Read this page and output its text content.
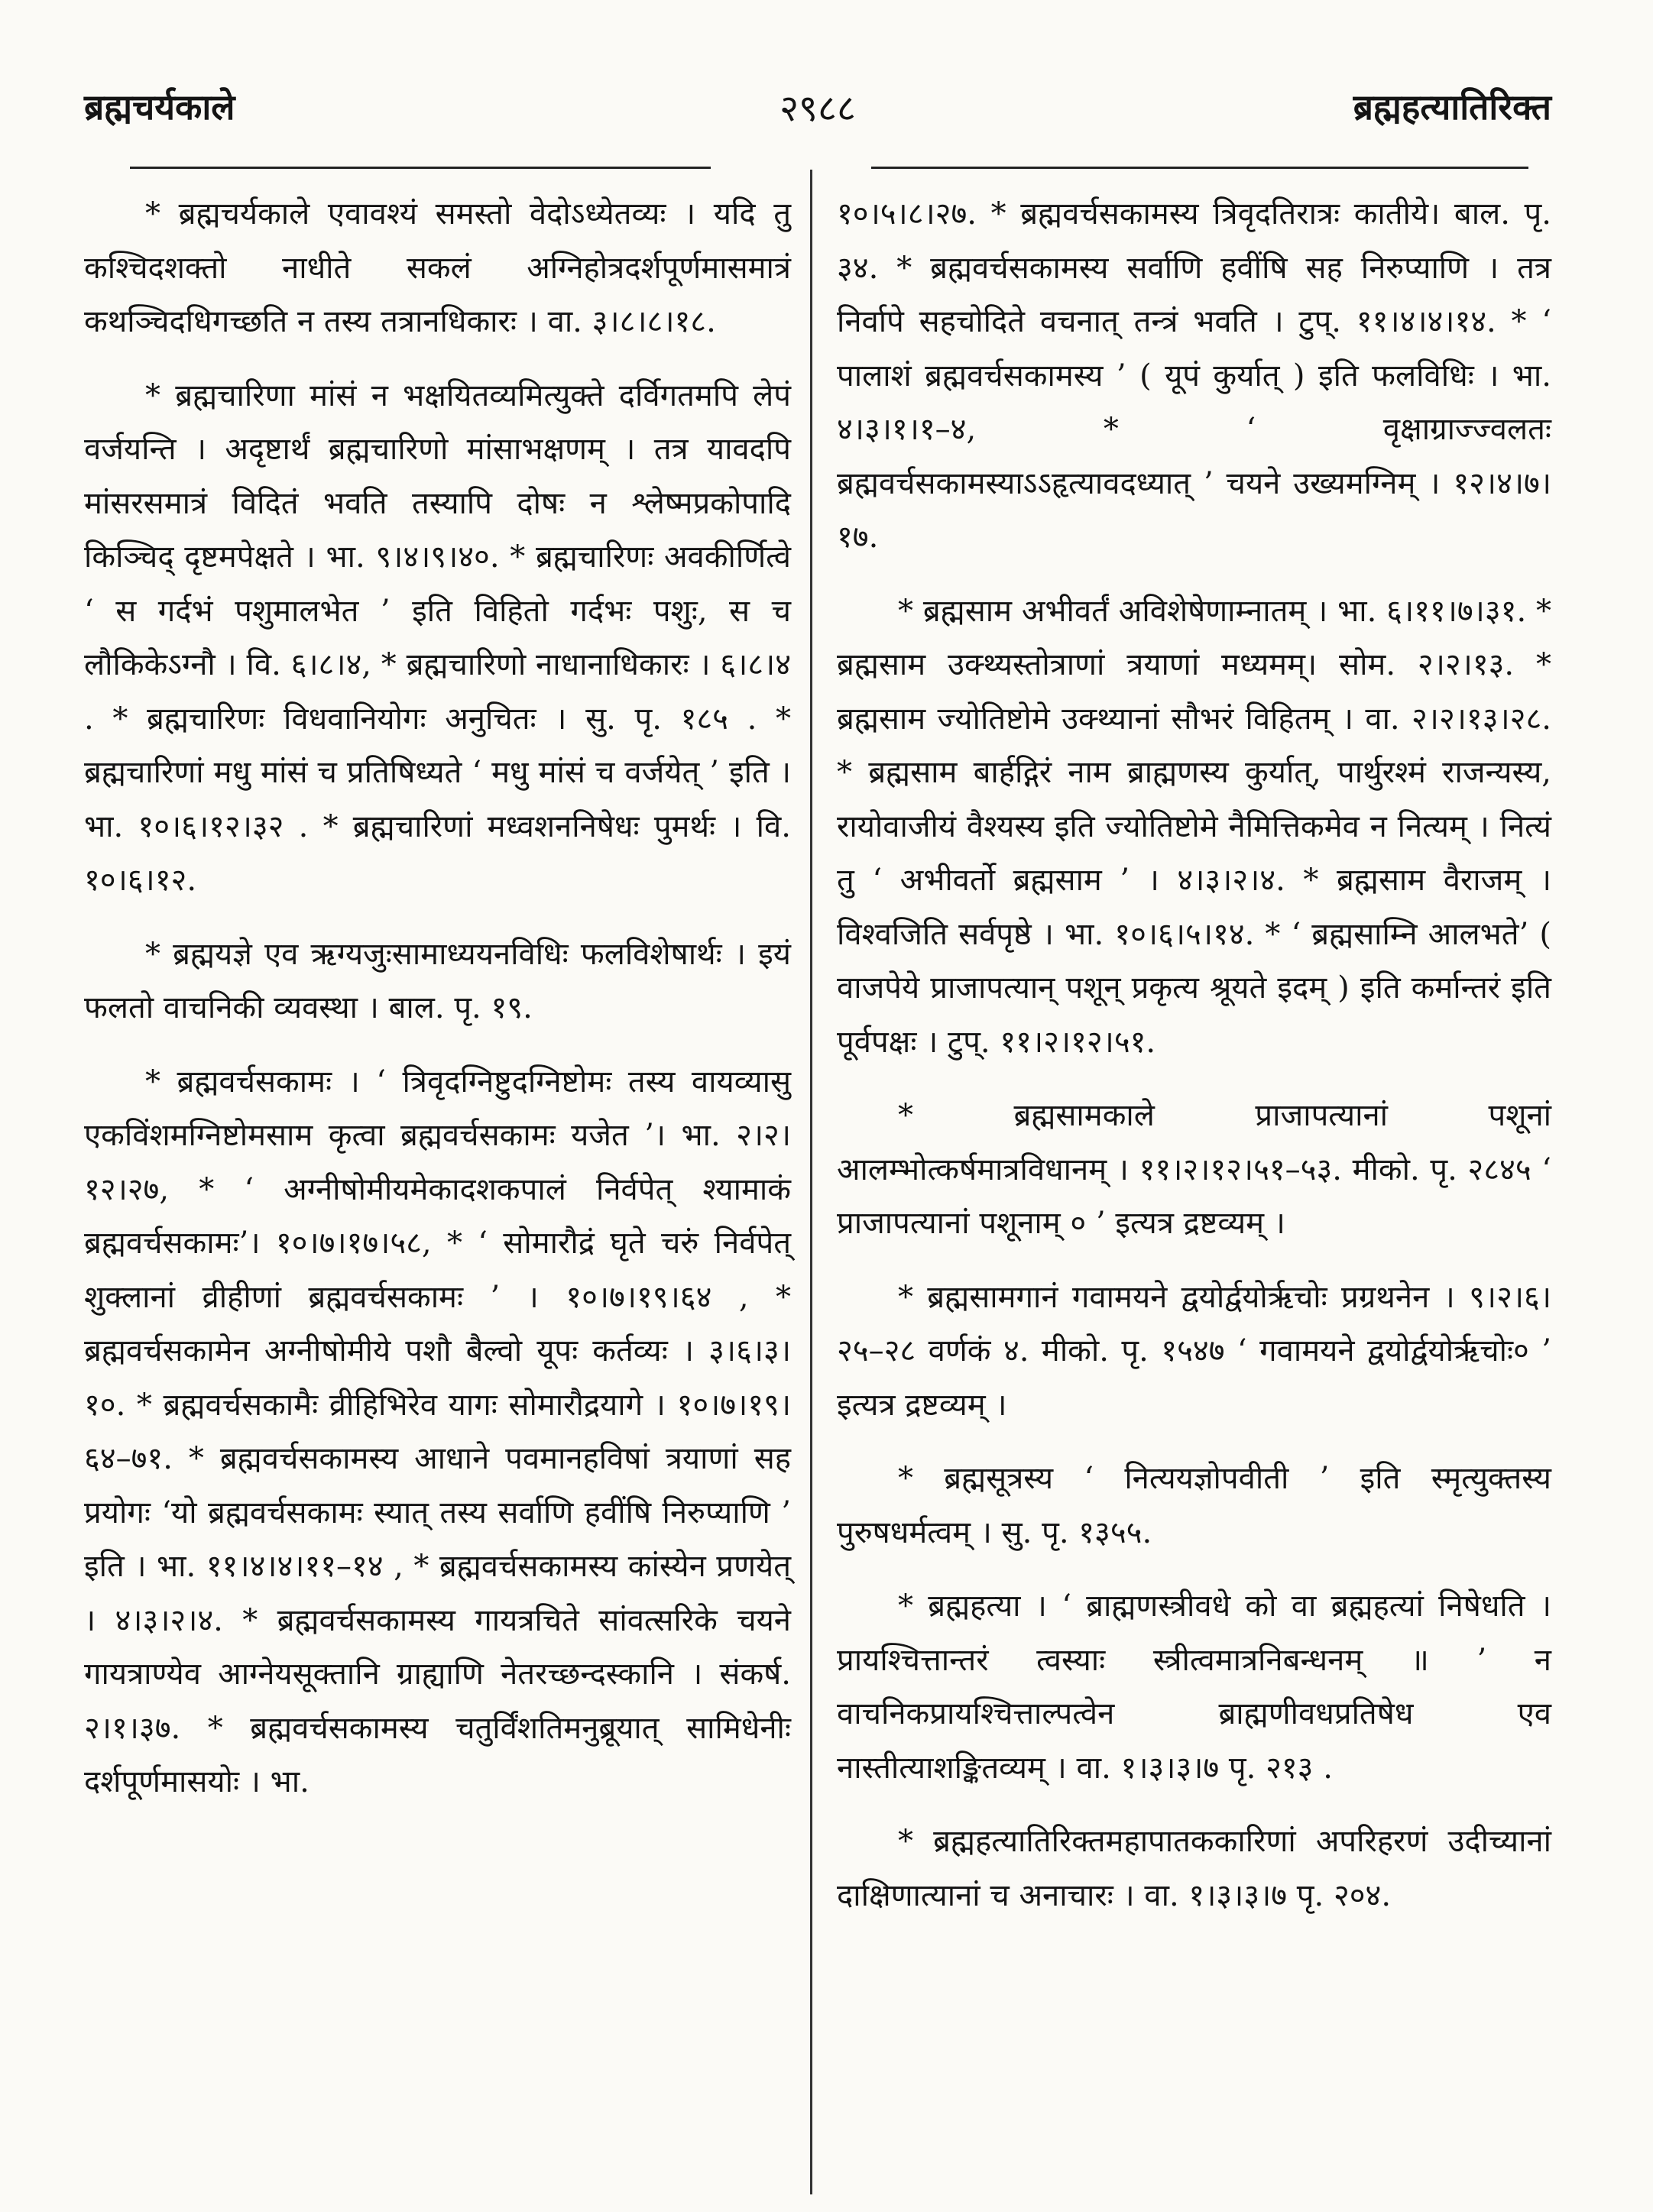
२९८८
ब्रह्मचर्यकाले	ब्रह्महत्यातिरिक्त

* ब्रह्मचर्यकाले एवावश्यं समस्तो वेदोऽध्येतव्यः । यदि तु कश्चिदशक्तो नाधीते सकलं अग्निहोत्रदर्शपूर्णमासमात्रं कथञ्चिदधिगच्छति न तस्य तत्रानधिकारः । वा. ३।८।८।१८.

* ब्रह्मचारिणा मांसं न भक्षयितव्यमित्युक्ते दर्विगतमपि लेपं वर्जयन्ति । अदृष्टार्थं ब्रह्मचारिणो मांसाभक्षणम् । तत्र यावदपि मांसरसमात्रं विदितं भवति तस्यापि दोषः न श्लेष्मप्रकोपादि किञ्चिद् दृष्टमपेक्षते । भा. ९।४।९।४०. * ब्रह्मचारिणः अवकीर्णित्वे ‘ स गर्दभं पशुमालभेत ’ इति विहितो गर्दभः पशुः, स च लौकिकेऽग्नौ । वि. ६।८।४, * ब्रह्मचारिणो नाधानाधिकारः । ६।८।४ . * ब्रह्मचारिणः विधवानियोगः अनुचितः । सु. पृ. १८५ . * ब्रह्मचारिणां मधु मांसं च प्रतिषिध्यते ‘ मधु मांसं च वर्जयेत् ’ इति । भा. १०।६।१२।३२ . * ब्रह्मचारिणां मध्वशननिषेधः पुमर्थः । वि. १०।६।१२.

* ब्रह्मयज्ञे एव ऋग्यजुःसामाध्ययनविधिः फलविशेषार्थः । इयं फलतो वाचनिकी व्यवस्था । बाल. पृ. १९.

* ब्रह्मवर्चसकामः । ‘ त्रिवृदग्निष्टुदग्निष्टोमः तस्य वायव्यासु एकविंशमग्निष्टोमसाम कृत्वा ब्रह्मवर्चसकामः यजेत ’। भा. २।२।१२।२७, * ‘ अग्नीषोमीयमेकादशकपालं निर्वपेत् श्यामाकं ब्रह्मवर्चसकामः’। १०।७।१७।५८, * ‘ सोमारौद्रं घृते चरुं निर्वपेत् शुक्लानां व्रीहीणां ब्रह्मवर्चसकामः ’ । १०।७।१९।६४ , * ब्रह्मवर्चसकामेन अग्नीषोमीये पशौ बैल्वो यूपः कर्तव्यः । ३।६।३।१०. * ब्रह्मवर्चसकामैः व्रीहिभिरेव यागः सोमारौद्रयागे । १०।७।१९।६४–७१. * ब्रह्मवर्चसकामस्य आधाने पवमानहविषां त्रयाणां सह प्रयोगः ‘यो ब्रह्मवर्चसकामः स्यात् तस्य सर्वाणि हवींषि निरुप्याणि ’ इति । भा. ११।४।४।११–१४ , * ब्रह्मवर्चसकामस्य कांस्येन प्रणयेत् । ४।३।२।४. * ब्रह्मवर्चसकामस्य गायत्रचिते सांवत्सरिके चयने गायत्राण्येव आग्नेयसूक्तानि ग्राह्याणि नेतरच्छन्दस्कानि । संकर्ष. २।१।३७. * ब्रह्मवर्चसकामस्य चतुर्विंशतिमनुब्रूयात् सामिधेनीः दर्शपूर्णमासयोः । भा.

१०।५।८।२७. * ब्रह्मवर्चसकामस्य त्रिवृदतिरात्रः कातीये। बाल. पृ. ३४. * ब्रह्मवर्चसकामस्य सर्वाणि हवींषि सह निरुप्याणि । तत्र निर्वापे सहचोदिते वचनात् तन्त्रं भवति । टुप्. ११।४।४।१४. * ‘ पालाशं ब्रह्मवर्चसकामस्य ’ ( यूपं कुर्यात् ) इति फलविधिः । भा. ४।३।१।१–४, * ‘ वृक्षाग्राज्ज्वलतः ब्रह्मवर्चसकामस्याऽऽहृत्यावदध्यात् ’ चयने उख्यमग्निम् । १२।४।७।१७.

* ब्रह्मसाम अभीवर्तं अविशेषेणाम्नातम् । भा. ६।११।७।३१. * ब्रह्मसाम उक्थ्यस्तोत्राणां त्रयाणां मध्यमम्। सोम. २।२।१३. * ब्रह्मसाम ज्योतिष्टोमे उक्थ्यानां सौभरं विहितम् । वा. २।२।१३।२८. * ब्रह्मसाम बार्हद्गिरं नाम ब्राह्मणस्य कुर्यात्, पार्थुरश्मं राजन्यस्य, रायोवाजीयं वैश्यस्य इति ज्योतिष्टोमे नैमित्तिकमेव न नित्यम् । नित्यं तु ‘ अभीवर्तो ब्रह्मसाम ’ । ४।३।२।४. * ब्रह्मसाम वैराजम् । विश्वजिति सर्वपृष्ठे । भा. १०।६।५।१४. * ‘ ब्रह्मसाम्नि आलभते’ ( वाजपेये प्राजापत्यान् पशून् प्रकृत्य श्रूयते इदम् ) इति कर्मान्तरं इति पूर्वपक्षः । टुप्. ११।२।१२।५१.

* ब्रह्मसामकाले प्राजापत्यानां पशूनां आलम्भोत्कर्षमात्रविधानम् । ११।२।१२।५१–५३. मीको. पृ. २८४५ ‘ प्राजापत्यानां पशूनाम् ० ’ इत्यत्र द्रष्टव्यम् ।

* ब्रह्मसामगानं गवामयने द्वयोर्द्वयोर्ऋचोः प्रग्रथनेन । ९।२।६।२५–२८ वर्णकं ४. मीको. पृ. १५४७ ‘ गवामयने द्वयोर्द्वयोर्ऋचोः० ’ इत्यत्र द्रष्टव्यम् ।

* ब्रह्मसूत्रस्य ‘ नित्ययज्ञोपवीती ’ इति स्मृत्युक्तस्य पुरुषधर्मत्वम् । सु. पृ. १३५५.

* ब्रह्महत्या । ‘ ब्राह्मणस्त्रीवधे को वा ब्रह्महत्यां निषेधति । प्रायश्चित्तान्तरं त्वस्याः स्त्रीत्वमात्रनिबन्धनम् ॥ ’ न वाचनिकप्रायश्चित्ताल्पत्वेन ब्राह्मणीवधप्रतिषेध एव नास्तीत्याशङ्कितव्यम् । वा. १।३।३।७ पृ. २१३ .

* ब्रह्महत्यातिरिक्तमहापातककारिणां अपरिहरणं उदीच्यानां दाक्षिणात्यानां च अनाचारः । वा. १।३।३।७ पृ. २०४.
